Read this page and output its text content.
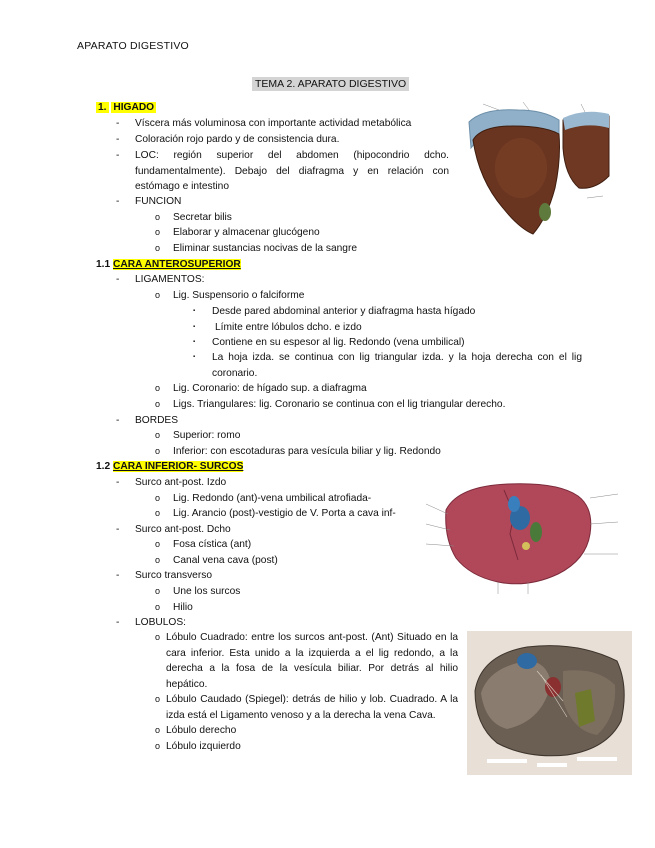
APARATO DIGESTIVO
TEMA 2. APARATO DIGESTIVO
1. HIGADO
- Víscera más voluminosa con importante actividad metabólica
- Coloración rojo pardo y de consistencia dura.
- LOC: región superior del abdomen (hipocondrio dcho. fundamentalmente). Debajo del diafragma y en relación con estómago e intestino
- FUNCION
o Secretar bilis
o Elaborar y almacenar glucógeno
o Eliminar sustancias nocivas de la sangre
1.1 CARA ANTEROSUPERIOR
- LIGAMENTOS:
o Lig. Suspensorio o falciforme
▪ Desde pared abdominal anterior y diafragma hasta hígado
▪ Límite entre lóbulos dcho. e izdo
▪ Contiene en su espesor al lig. Redondo (vena umbilical)
▪ La hoja izda. se continua con lig triangular izda. y la hoja derecha con el lig coronario.
o Lig. Coronario: de hígado sup. a diafragma
o Ligs. Triangulares: lig. Coronario se continua con el lig triangular derecho.
- BORDES
o Superior: romo
o Inferior: con escotaduras para vesícula biliar y lig. Redondo
1.2 CARA INFERIOR- SURCOS
- Surco ant-post. Izdo
o Lig. Redondo (ant)-vena umbilical atrofiada-
o Lig. Arancio (post)-vestigio de V. Porta a cava inf-
- Surco ant-post. Dcho
o Fosa cística (ant)
o Canal vena cava (post)
- Surco transverso
o Une los surcos
o Hilio
- LOBULOS:
o Lóbulo Cuadrado: entre los surcos ant-post. (Ant) Situado en la cara inferior. Esta unido a la izquierda a el lig redondo, a la derecha a la fosa de la vesícula biliar. Por detrás al hilio hepático.
o Lóbulo Caudado (Spiegel): detrás de hilio y lob. Cuadrado. A la izda está el Ligamento venoso y a la derecha la vena Cava.
o Lóbulo derecho
o Lóbulo izquierdo
